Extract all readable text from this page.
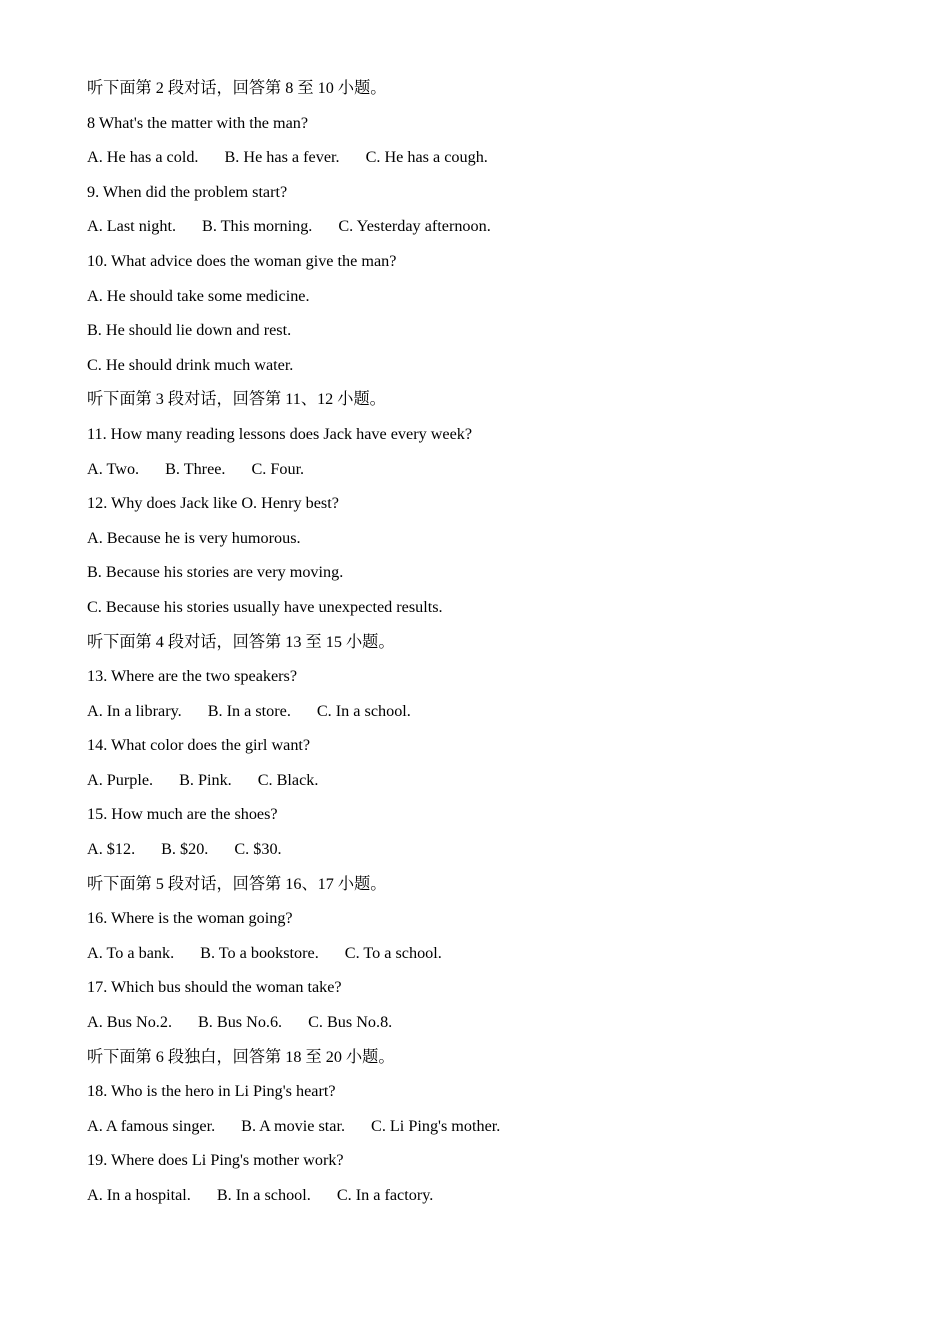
听下面第 2 段对话，回答第 8 至 10 小题。
8 What's the matter with the man?
A. He has a cold. B. He has a fever. C. He has a cough.
9. When did the problem start?
A. Last night. B. This morning. C. Yesterday afternoon.
10. What advice does the woman give the man?
A. He should take some medicine.
B. He should lie down and rest.
C. He should drink much water.
听下面第 3 段对话，回答第 11、12 小题。
11. How many reading lessons does Jack have every week?
A. Two. B. Three. C. Four.
12. Why does Jack like O. Henry best?
A. Because he is very humorous.
B. Because his stories are very moving.
C. Because his stories usually have unexpected results.
听下面第 4 段对话，回答第 13 至 15 小题。
13. Where are the two speakers?
A. In a library. B. In a store. C. In a school.
14. What color does the girl want?
A. Purple. B. Pink. C. Black.
15. How much are the shoes?
A. $12. B. $20. C. $30.
听下面第 5 段对话，回答第 16、17 小题。
16. Where is the woman going?
A. To a bank. B. To a bookstore. C. To a school.
17. Which bus should the woman take?
A. Bus No.2. B. Bus No.6. C. Bus No.8.
听下面第 6 段独白，回答第 18 至 20 小题。
18. Who is the hero in Li Ping's heart?
A. A famous singer. B. A movie star. C. Li Ping's mother.
19. Where does Li Ping's mother work?
A. In a hospital. B. In a school. C. In a factory.
